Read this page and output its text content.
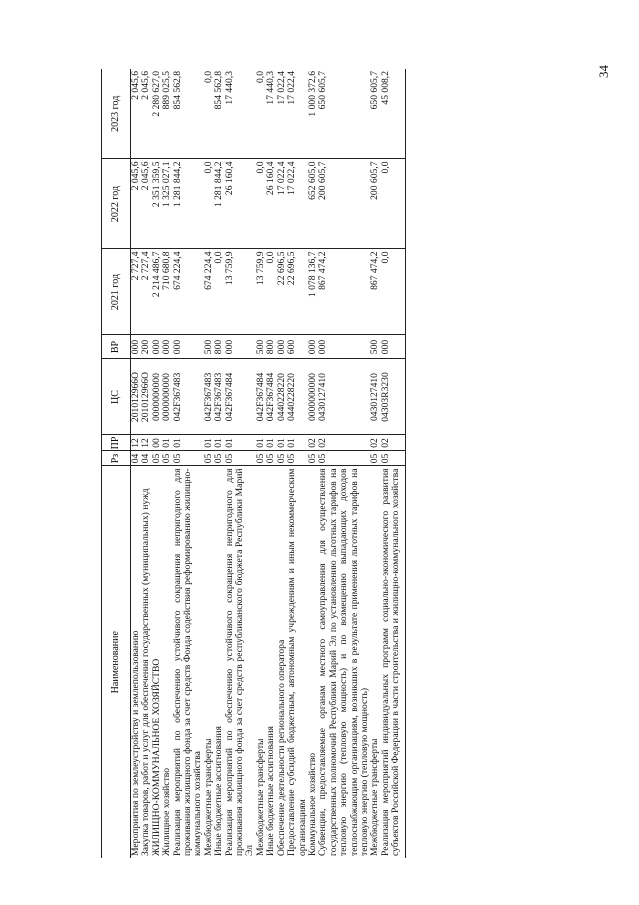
34
Наименование	Рз	ПР	ЦС	ВР	2021 год	2022 год	2023 год
Мероприятия по землеустройству и землепользованию	04	12	201012966О	000	2 727,4	2 045,6	2 045,6
Закупка товаров, работ и услуг для обеспечения государственных (муниципальных) нужд	04	12	201012966О	200	2 727,4	2 045,6	2 045,6
ЖИЛИЩНО-КОММУНАЛЬНОЕ ХОЗЯЙСТВО	05	00	0000000000	000	2 214 486,7	2 351 359,5	2 280 627,0
Жилищное хозяйство	05	01	0000000000	000	710 680,8	1 325 027,1	889 025,5
Реализация мероприятий по обеспечению устойчивого сокращения непригодного для проживания жилищного фонда за счет средств Фонда содействия реформированию жилищно-коммунального хозяйства	05	01	042F367483	000	674 224,4	1 281 844,2	854 562,8
Межбюджетные трансферты	05	01	042F367483	500	674 224,4	0,0	0,0
Иные бюджетные ассигнования	05	01	042F367483	800	0,0	1 281 844,2	854 562,8
Реализация мероприятий по обеспечению устойчивого сокращения непригодного для проживания жилищного фонда за счет средств республиканского бюджета Республики Марий Эл	05	01	042F367484	000	13 759,9	26 160,4	17 440,3
Межбюджетные трансферты	05	01	042F367484	500	13 759,9	0,0	0,0
Иные бюджетные ассигнования	05	01	042F367484	800	0,0	26 160,4	17 440,3
Обеспечение деятельности регионального оператора	05	01	0440228220	000	22 696,5	17 022,4	17 022,4
Предоставление субсидий бюджетным, автономным учреждениям и иным некоммерческим организациям	05	01	0440228220	600	22 696,5	17 022,4	17 022,4
Коммунальное хозяйство	05	02	0000000000	000	1 078 136,7	652 605,0	1 000 372,6
Субвенции, предоставляемые органам местного самоуправления для осуществления государственных полномочий Республики Марий Эл по установлению льготных тарифов на тепловую энергию (тепловую мощность) и по возмещению выпадающих доходов теплоснабжающим организациям, возникших в результате применения льготных тарифов на тепловую энергию (тепловую мощность)	05	02	0430127410	000	867 474,2	200 605,7	650 605,7
Межбюджетные трансферты	05	02	0430127410	500	867 474,2	200 605,7	650 605,7
Реализация мероприятий индивидуальных программ социально-экономического развития субъектов Российской Федерации в части строительства и жилищно-коммунального хозяйства	05	02	04303R3230	000	0,0	0,0	45 008,2
